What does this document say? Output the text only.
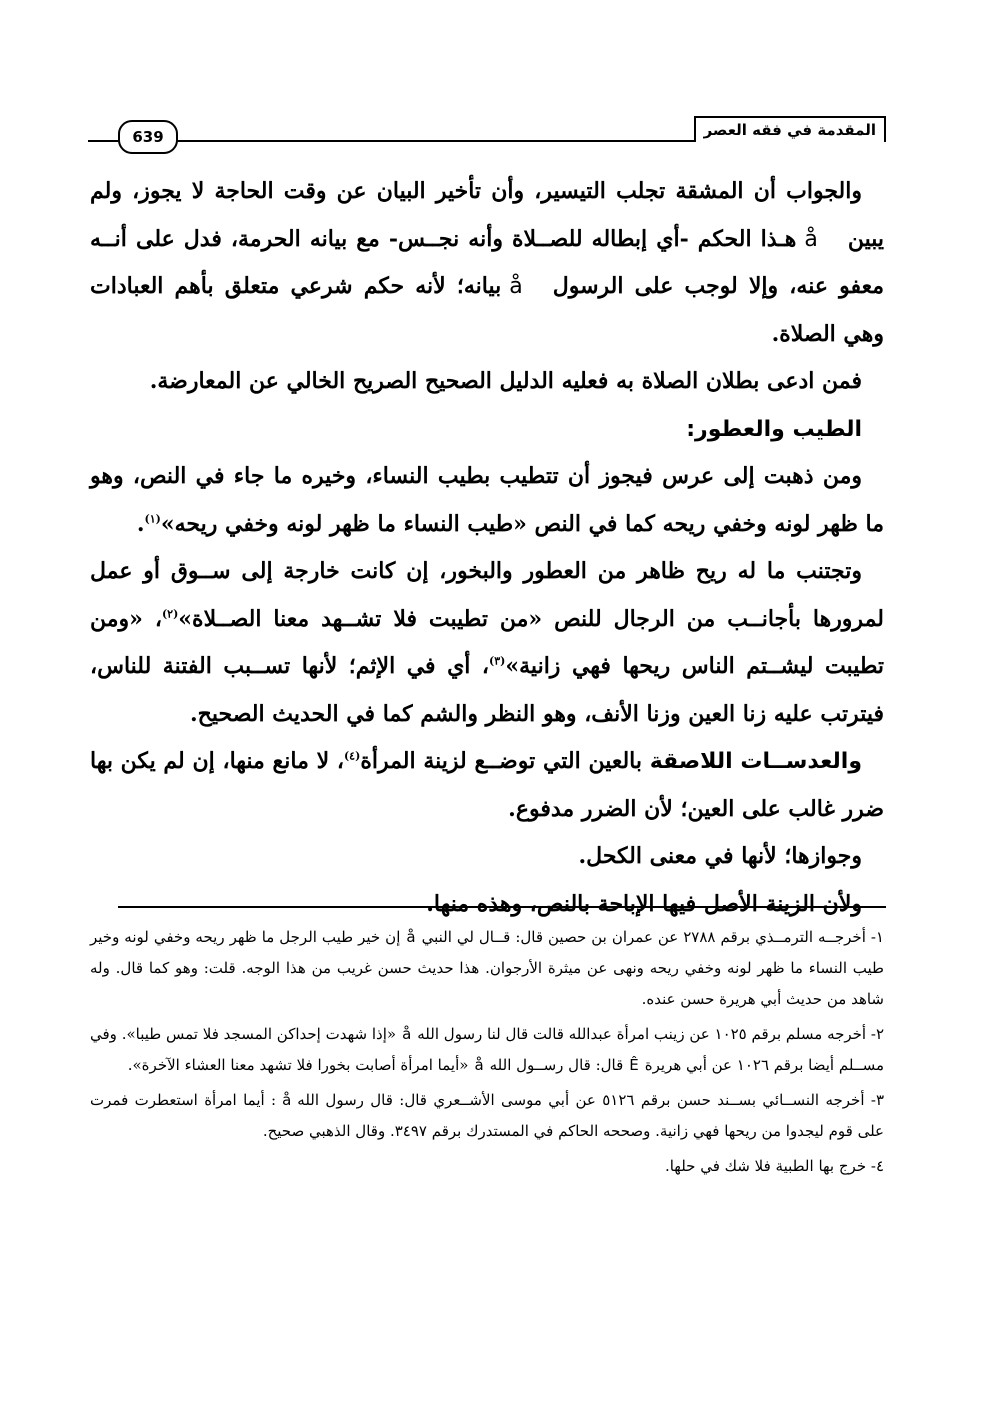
639	المقدمة في فقه العصر

والجواب أن المشقة تجلب التيسير، وأن تأخير البيان عن وقت الحاجة لا يجوز، ولم يبينåهـذا الحكم -أي إبطاله للصــلاة وأنه نجــس- مع بيانه الحرمة، فدل على أنــه معفو عنه، وإلا لوجب على الرسولåبيانه؛ لأنه حكم شرعي متعلق بأهم العبادات وهي الصلاة.

فمن ادعى بطلان الصلاة به فعليه الدليل الصحيح الصريح الخالي عن المعارضة.

الطيب والعطور:

ومن ذهبت إلى عرس فيجوز أن تتطيب بطيب النساء، وخيره ما جاء في النص، وهو ما ظهر لونه وخفي ريحه كما في النص «طيب النساء ما ظهر لونه وخفي ريحه»$^{(١)}$.

وتجتنب ما له ريح ظاهر من العطور والبخور، إن كانت خارجة إلى ســوق أو عمل لمرورها بأجانــب من الرجال للنص «من تطيبت فلا تشــهد معنا الصــلاة»$^{(٢)}$، «ومن تطيبت ليشــتم الناس ريحها فهي زانية»$^{(٣)}$، أي في الإثم؛ لأنها تســبب الفتنة للناس، فيترتب عليه زنا العين وزنا الأنف، وهو النظر والشم كما في الحديث الصحيح.

والعدســات اللاصقة بالعين التي توضــع لزينة المرأة$^{(٤)}$، لا مانع منها، إن لم يكن بها ضرر غالب على العين؛ لأن الضرر مدفوع.

وجوازها؛ لأنها في معنى الكحل.

ولأن الزينة الأصل فيها الإباحة بالنص، وهذه منها.

١- أخرجــه الترمــذي برقم ٢٧٨٨ عن عمران بن حصين قال: قــال لي النبيåإن خير طيب الرجل ما ظهر ريحه وخفي لونه وخير طيب النساء ما ظهر لونه وخفي ريحه ونهى عن ميثرة الأرجوان. هذا حديث حسن غريب من هذا الوجه. قلت: وهو كما قال. وله شاهد من حديث أبي هريرة حسن عنده.

٢- أخرجه مسلم برقم ١٠٢٥ عن زينب امرأة عبدالله قالت قال لنا رسول اللهå«إذا شهدت إحداكن المسجد فلا تمس طيبا». وفي مســلم أيضا برقم ١٠٢٦ عن أبي هريرةÊقال: قال رســول اللهå«أيما امرأة أصابت بخورا فلا تشهد معنا العشاء الآخرة».

٣- أخرجه النســائي بســند حسن برقم ٥١٢٦ عن أبي موسى الأشــعري قال: قال رسول اللهå: أيما امرأة استعطرت فمرت على قوم ليجدوا من ريحها فهي زانية. وصححه الحاكم في المستدرك برقم ٣٤٩٧. وقال الذهبي صحيح.

٤- خرج بها الطبية فلا شك في حلها.
